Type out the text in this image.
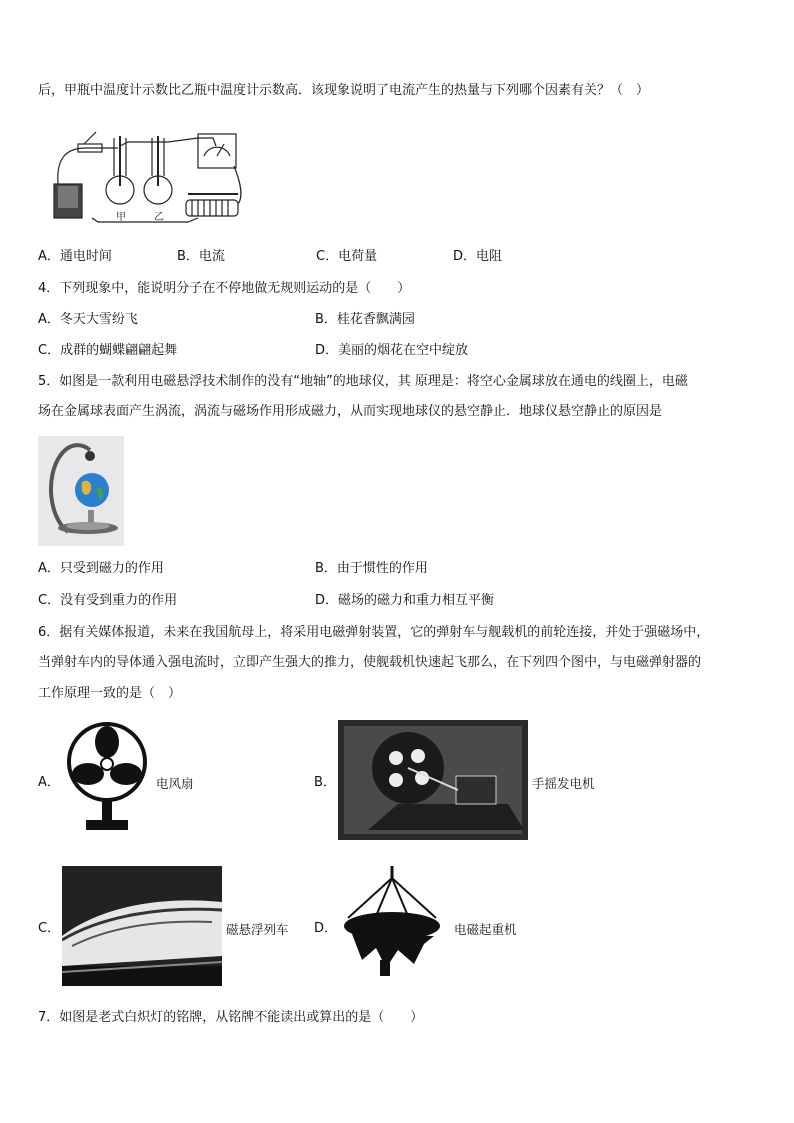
后，甲瓶中温度计示数比乙瓶中温度计示数高．该现象说明了电流产生的热量与下列哪个因素有关？（　）
甲	乙
A．通电时间	B．电流	C．电荷量	D．电阻
4．下列现象中，能说明分子在不停地做无规则运动的是（　　）
A．冬天大雪纷飞	B．桂花香飘满园
C．成群的蝴蝶翩翩起舞	D．美丽的烟花在空中绽放
5．如图是一款利用电磁悬浮技术制作的没有“地轴”的地球仪，其 原理是：将空心金属球放在通电的线圈上，电磁
场在金属球表面产生涡流，涡流与磁场作用形成磁力，从而实现地球仪的悬空静止．地球仪悬空静止的原因是
A．只受到磁力的作用	B．由于惯性的作用
C．没有受到重力的作用	D．磁场的磁力和重力相互平衡
6．据有关媒体报道，未来在我国航母上，将采用电磁弹射装置，它的弹射车与舰载机的前轮连接，并处于强磁场中，
当弹射车内的导体通入强电流时，立即产生强大的推力，使舰载机快速起飞那么，在下列四个图中，与电磁弹射器的
工作原理一致的是（　）
A．	电风扇	B．	手摇发电机
C．	磁悬浮列车 D．	电磁起重机
7．如图是老式白炽灯的铭牌，从铭牌不能读出或算出的是（　　）
